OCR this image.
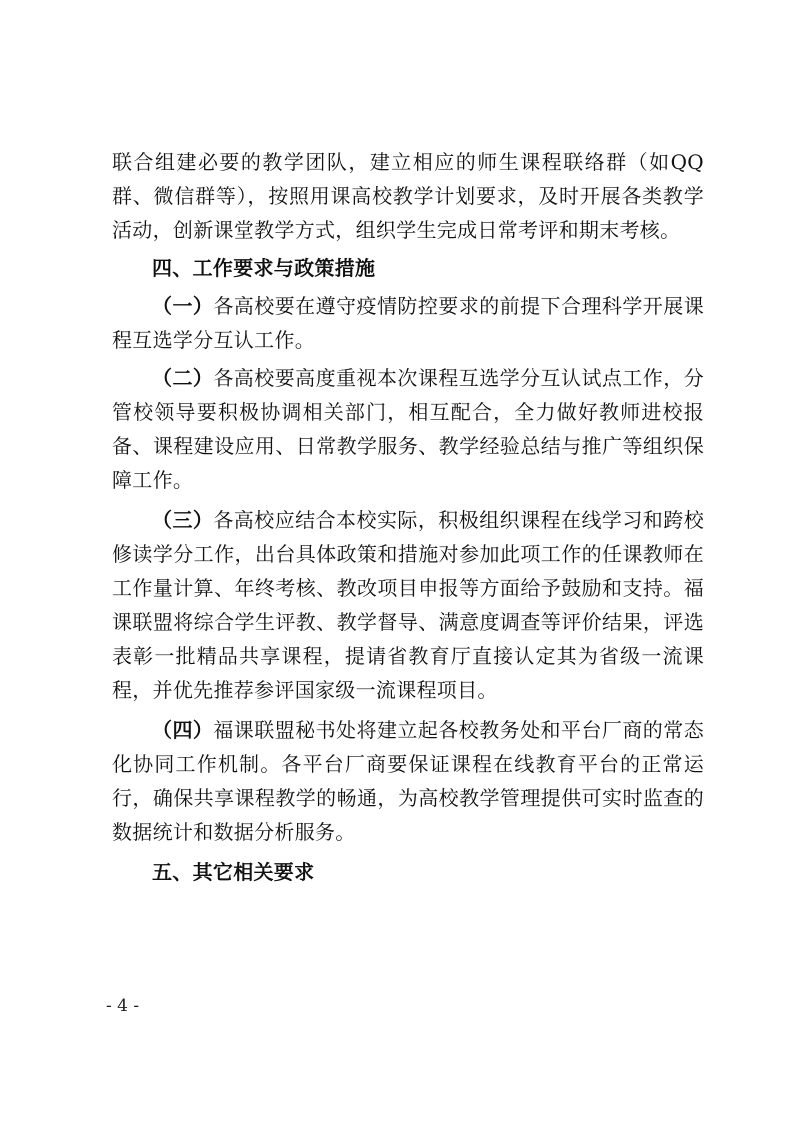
联合组建必要的教学团队，建立相应的师生课程联络群（如QQ群、微信群等），按照用课高校教学计划要求，及时开展各类教学活动，创新课堂教学方式，组织学生完成日常考评和期末考核。

四、工作要求与政策措施

（一）各高校要在遵守疫情防控要求的前提下合理科学开展课程互选学分互认工作。

（二）各高校要高度重视本次课程互选学分互认试点工作，分管校领导要积极协调相关部门，相互配合，全力做好教师进校报备、课程建设应用、日常教学服务、教学经验总结与推广等组织保障工作。

（三）各高校应结合本校实际，积极组织课程在线学习和跨校修读学分工作，出台具体政策和措施对参加此项工作的任课教师在工作量计算、年终考核、教改项目申报等方面给予鼓励和支持。福课联盟将综合学生评教、教学督导、满意度调查等评价结果，评选表彰一批精品共享课程，提请省教育厅直接认定其为省级一流课程，并优先推荐参评国家级一流课程项目。

（四）福课联盟秘书处将建立起各校教务处和平台厂商的常态化协同工作机制。各平台厂商要保证课程在线教育平台的正常运行，确保共享课程教学的畅通，为高校教学管理提供可实时监查的数据统计和数据分析服务。

五、其它相关要求

- 4 -
